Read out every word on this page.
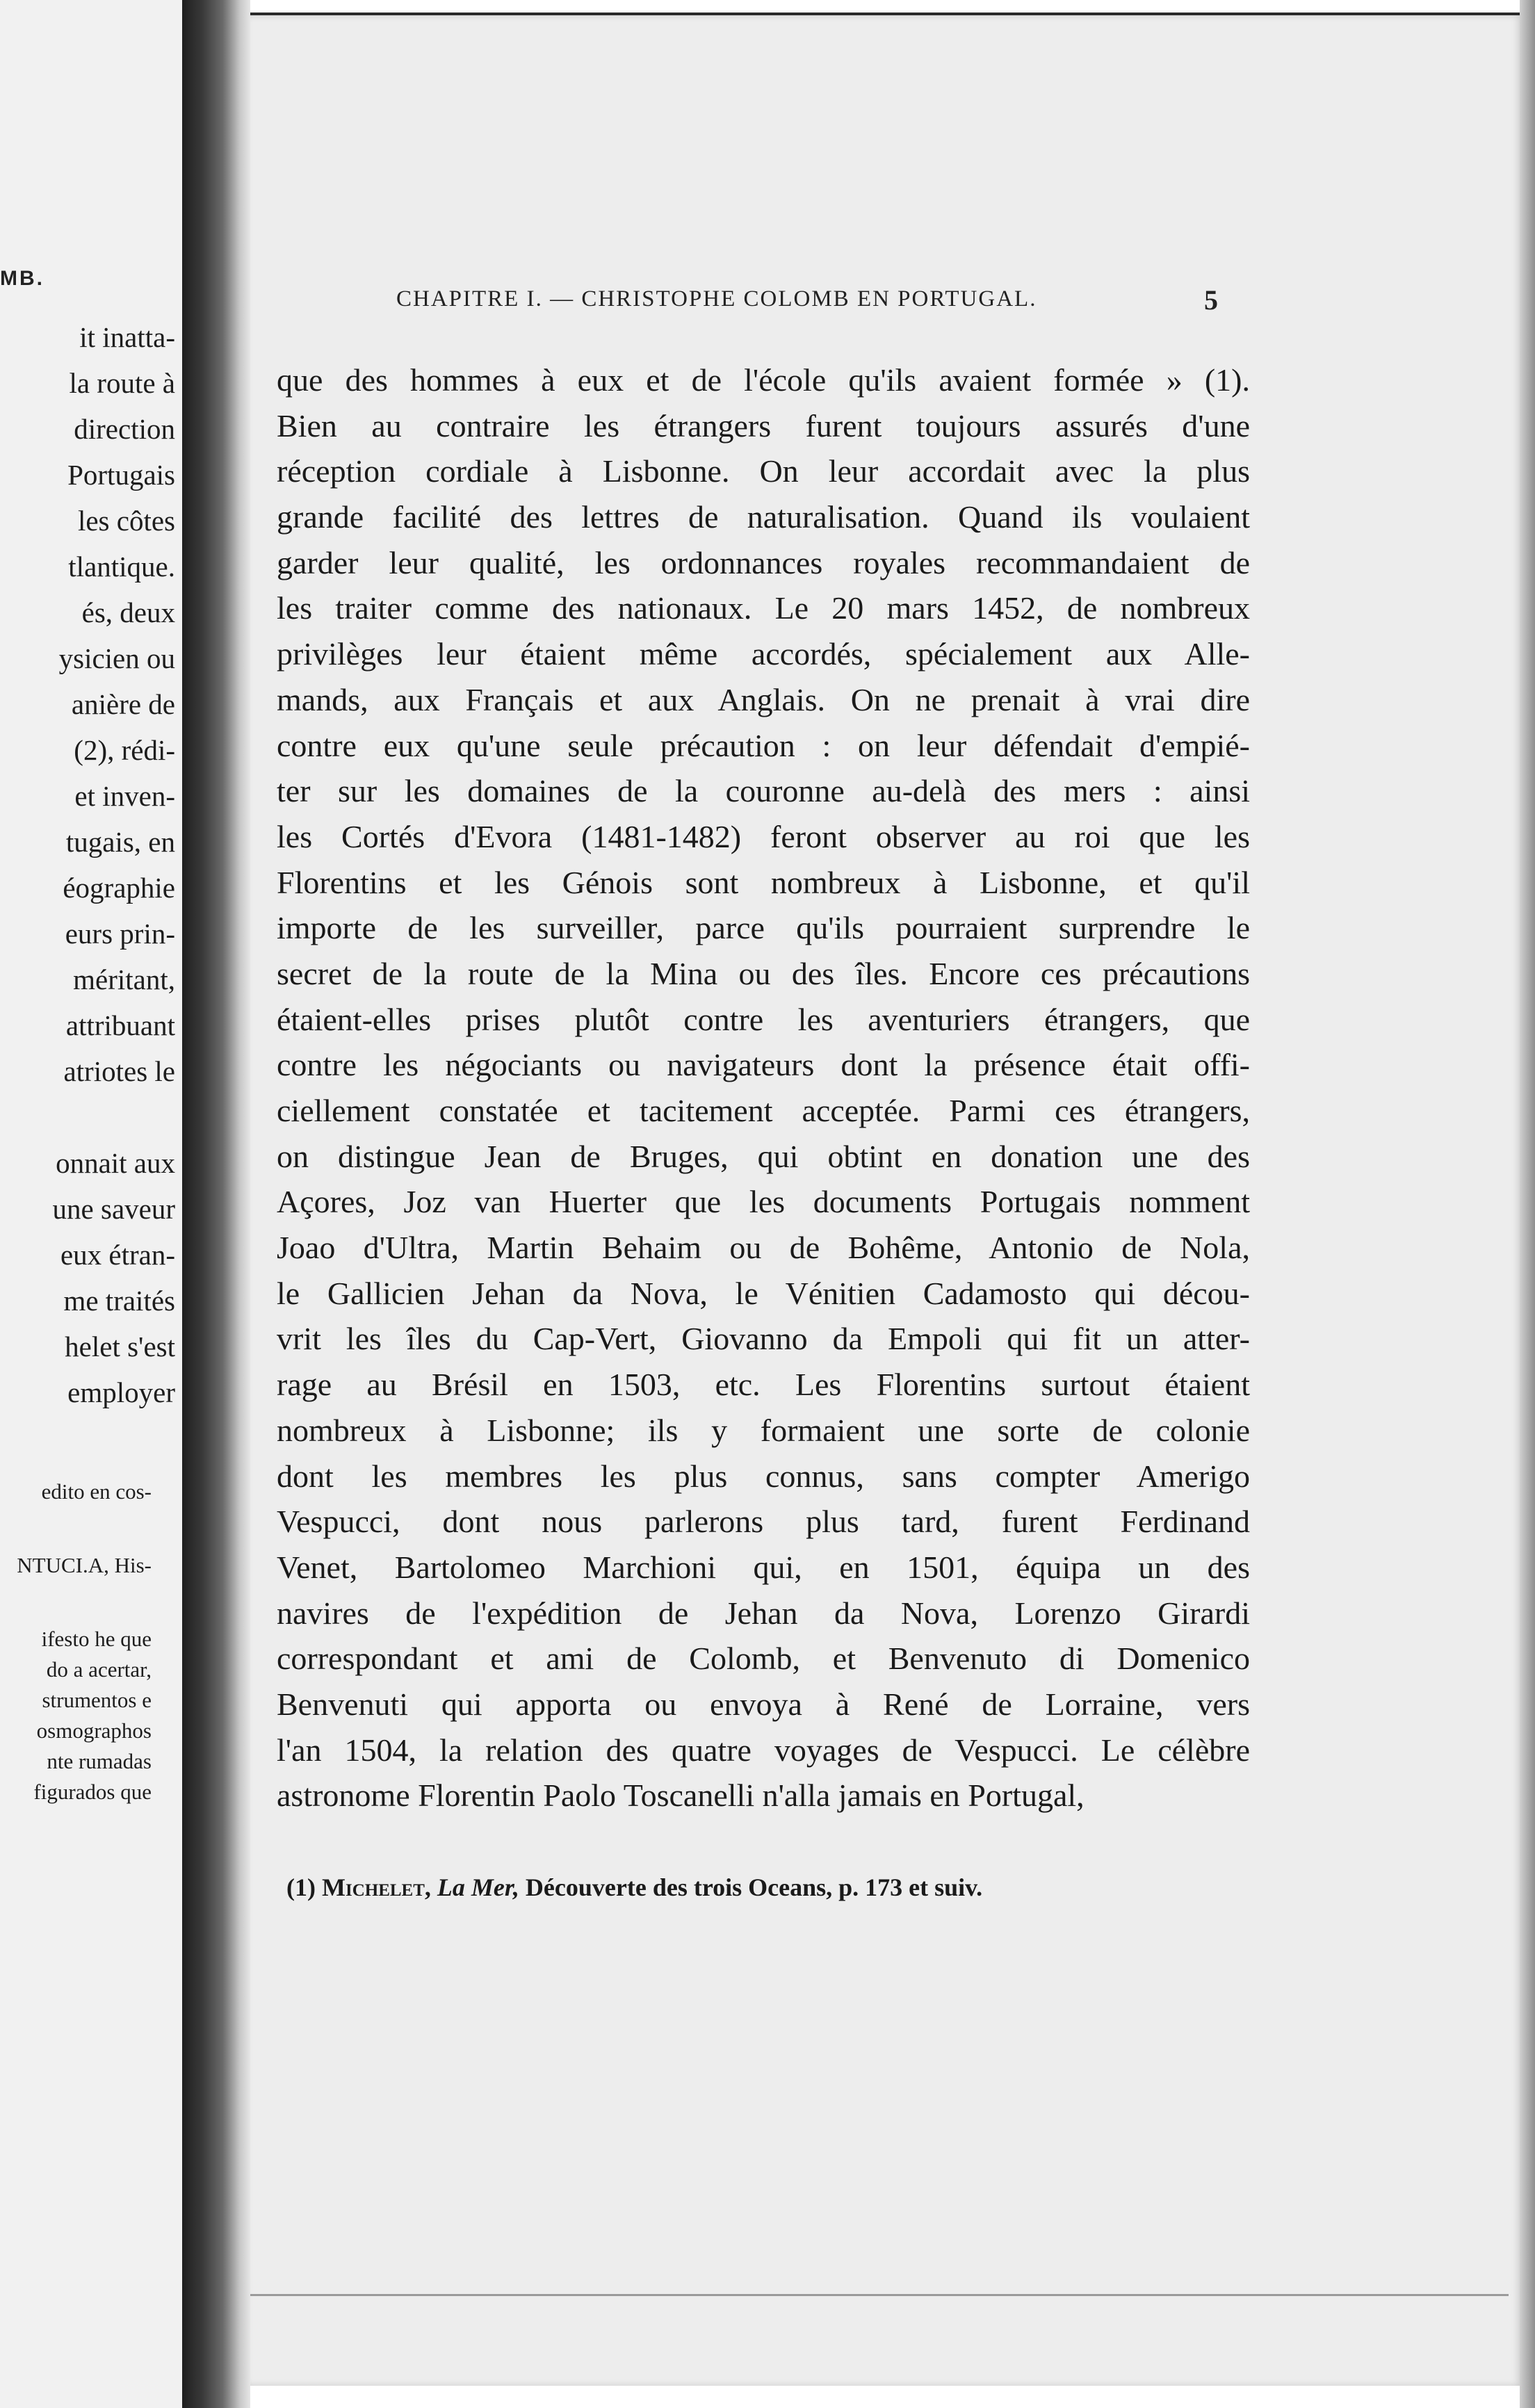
MB.
it inatta-
la route à
direction
Portugais
les côtes
tlantique.
és, deux
ysicien ou
anière de
(2), rédi-
et inven-
tugais, en
éographie
eurs prin-
méritant,
attribuant
atriotes le
onnait aux
une saveur
eux étran-
me traités
helet s'est
employer
edito en cos-
NTUCI.A, His-
ifesto he que
do a acertar,
strumentos e
osmographos
nte rumadas
figurados que
CHAPITRE I. — CHRISTOPHE COLOMB EN PORTUGAL.	5
que des hommes à eux et de l'école qu'ils avaient formée » (1).
Bien au contraire les étrangers furent toujours assurés d'une
réception cordiale à Lisbonne. On leur accordait avec la plus
grande facilité des lettres de naturalisation. Quand ils voulaient
garder leur qualité, les ordonnances royales recommandaient de
les traiter comme des nationaux. Le 20 mars 1452, de nombreux
privilèges leur étaient même accordés, spécialement aux Alle-
mands, aux Français et aux Anglais. On ne prenait à vrai dire
contre eux qu'une seule précaution : on leur défendait d'empié-
ter sur les domaines de la couronne au-delà des mers : ainsi
les Cortés d'Evora (1481-1482) feront observer au roi que les
Florentins et les Génois sont nombreux à Lisbonne, et qu'il
importe de les surveiller, parce qu'ils pourraient surprendre le
secret de la route de la Mina ou des îles. Encore ces précautions
étaient-elles prises plutôt contre les aventuriers étrangers, que
contre les négociants ou navigateurs dont la présence était offi-
ciellement constatée et tacitement acceptée. Parmi ces étrangers,
on distingue Jean de Bruges, qui obtint en donation une des
Açores, Joz van Huerter que les documents Portugais nomment
Joao d'Ultra, Martin Behaim ou de Bohême, Antonio de Nola,
le Gallicien Jehan da Nova, le Vénitien Cadamosto qui décou-
vrit les îles du Cap-Vert, Giovanno da Empoli qui fit un atter-
rage au Brésil en 1503, etc. Les Florentins surtout étaient
nombreux à Lisbonne; ils y formaient une sorte de colonie
dont les membres les plus connus, sans compter Amerigo
Vespucci, dont nous parlerons plus tard, furent Ferdinand
Venet, Bartolomeo Marchioni qui, en 1501, équipa un des
navires de l'expédition de Jehan da Nova, Lorenzo Girardi
correspondant et ami de Colomb, et Benvenuto di Domenico
Benvenuti qui apporta ou envoya à René de Lorraine, vers
l'an 1504, la relation des quatre voyages de Vespucci. Le célèbre
astronome Florentin Paolo Toscanelli n'alla jamais en Portugal,
(1) Michelet, La Mer, Découverte des trois Oceans, p. 173 et suiv.
